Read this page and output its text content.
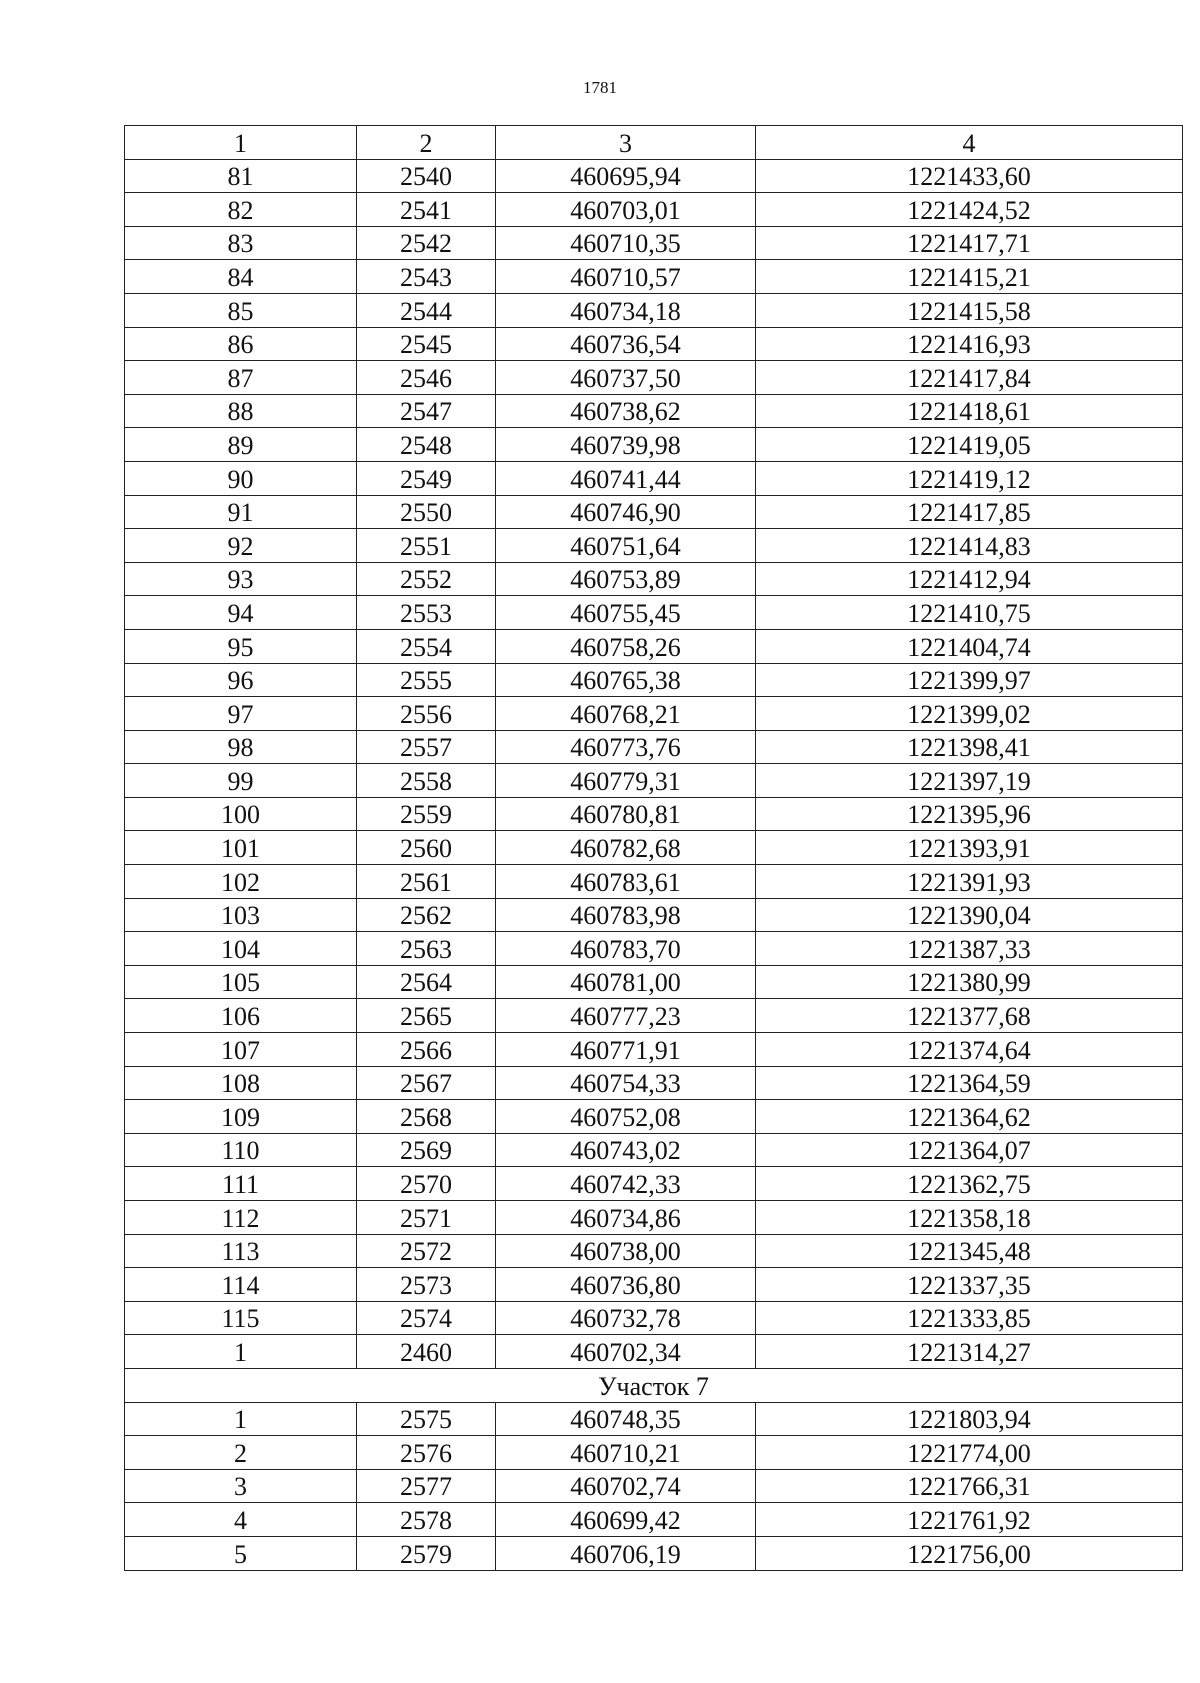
1781
1	2	3	4
81	2540	460695,94	1221433,60
82	2541	460703,01	1221424,52
83	2542	460710,35	1221417,71
84	2543	460710,57	1221415,21
85	2544	460734,18	1221415,58
86	2545	460736,54	1221416,93
87	2546	460737,50	1221417,84
88	2547	460738,62	1221418,61
89	2548	460739,98	1221419,05
90	2549	460741,44	1221419,12
91	2550	460746,90	1221417,85
92	2551	460751,64	1221414,83
93	2552	460753,89	1221412,94
94	2553	460755,45	1221410,75
95	2554	460758,26	1221404,74
96	2555	460765,38	1221399,97
97	2556	460768,21	1221399,02
98	2557	460773,76	1221398,41
99	2558	460779,31	1221397,19
100	2559	460780,81	1221395,96
101	2560	460782,68	1221393,91
102	2561	460783,61	1221391,93
103	2562	460783,98	1221390,04
104	2563	460783,70	1221387,33
105	2564	460781,00	1221380,99
106	2565	460777,23	1221377,68
107	2566	460771,91	1221374,64
108	2567	460754,33	1221364,59
109	2568	460752,08	1221364,62
110	2569	460743,02	1221364,07
111	2570	460742,33	1221362,75
112	2571	460734,86	1221358,18
113	2572	460738,00	1221345,48
114	2573	460736,80	1221337,35
115	2574	460732,78	1221333,85
1	2460	460702,34	1221314,27
Участок 7			
1	2575	460748,35	1221803,94
2	2576	460710,21	1221774,00
3	2577	460702,74	1221766,31
4	2578	460699,42	1221761,92
5	2579	460706,19	1221756,00
